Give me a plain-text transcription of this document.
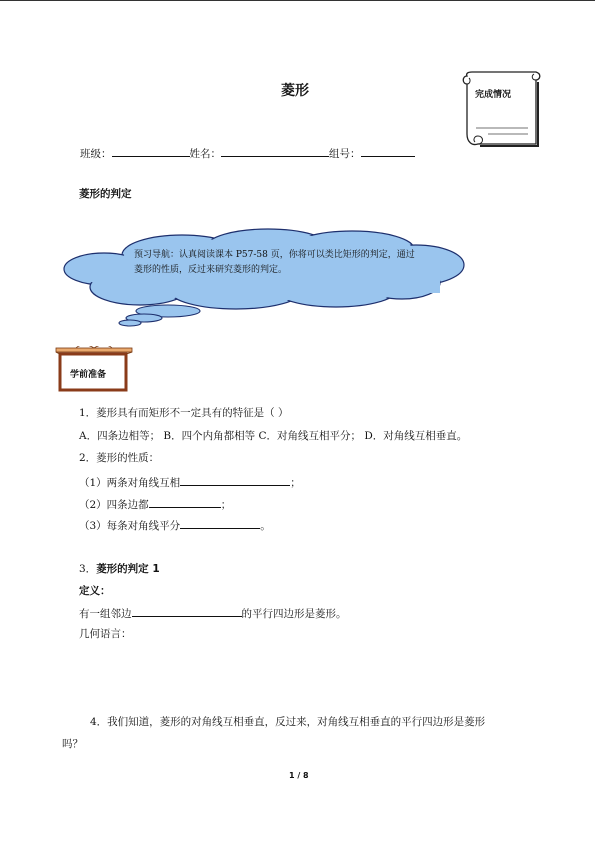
菱形	完成情况
班级：	姓名：	组号：
菱形的判定
预习导航：认真阅读课本 P57-58 页，你将可以类比矩形的判定，通过菱形的性质，反过来研究菱形的判定。
学前准备
1．菱形具有而矩形不一定具有的特征是（ ）
A．四条边相等； B．四个内角都相等 C．对角线互相平分； D．对角线互相垂直。
2．菱形的性质：
（1）两条对角线互相	；
（2）四条边都	；
（3）每条对角线平分	。
3．菱形的判定 1
定义：
有一组邻边	的平行四边形是菱形。
几何语言：
4．我们知道，菱形的对角线互相垂直，反过来，对角线互相垂直的平行四边形是菱形
吗？
1 / 8
